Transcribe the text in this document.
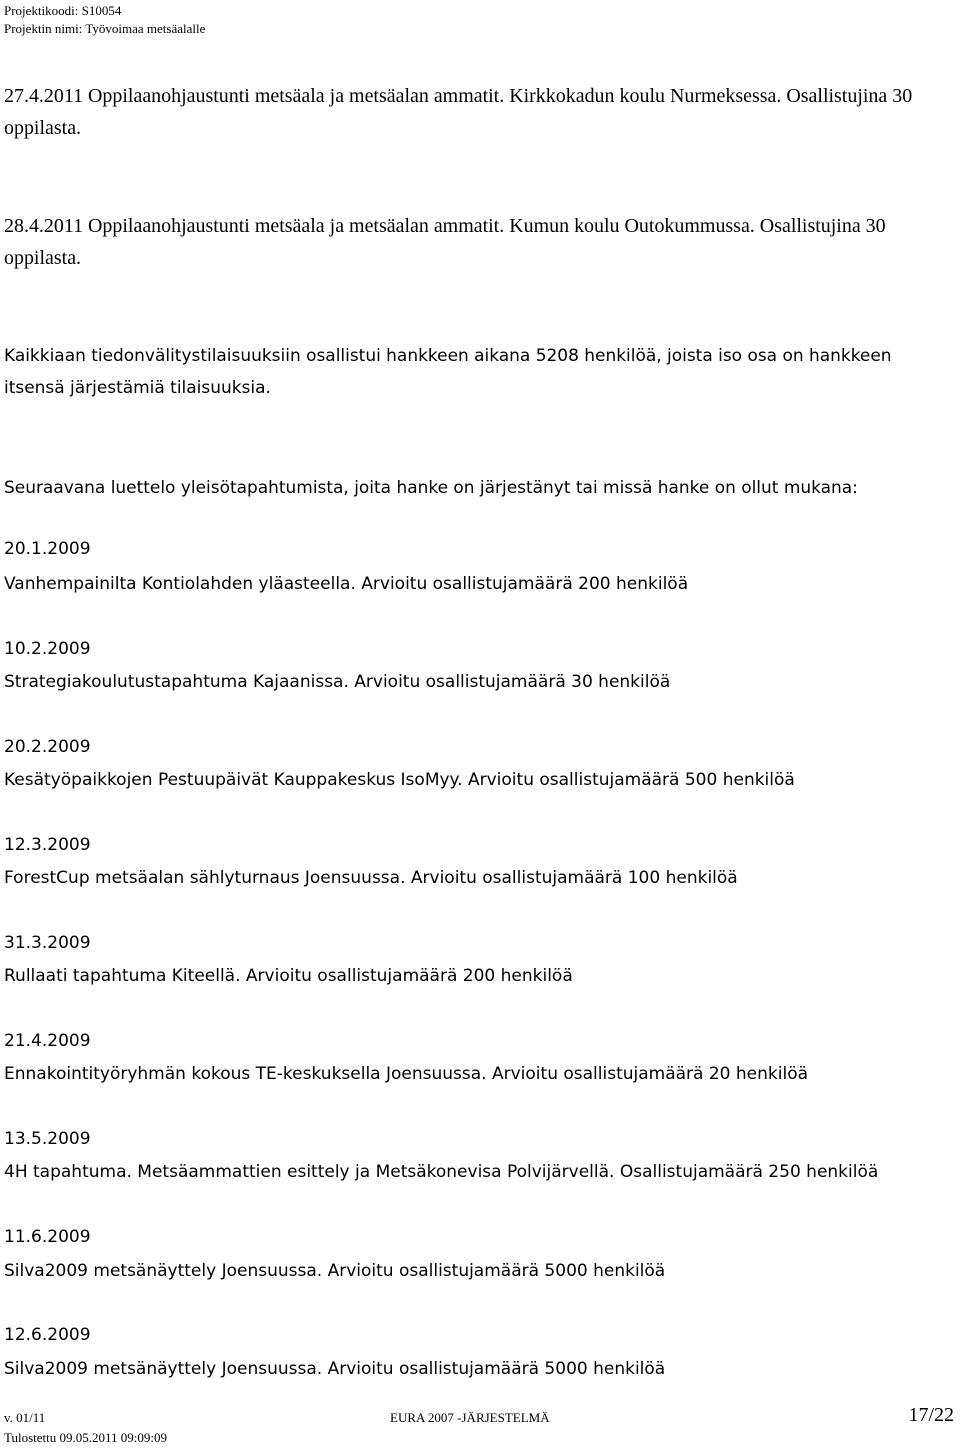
Projektikoodi: S10054
Projektin nimi: Työvoimaa metsäalalle
27.4.2011 Oppilaanohjaustunti metsäala ja metsäalan ammatit. Kirkkokadun koulu Nurmeksessa. Osallistujina 30 oppilasta.
28.4.2011 Oppilaanohjaustunti metsäala ja metsäalan ammatit. Kumun koulu Outokummussa. Osallistujina 30 oppilasta.
Kaikkiaan tiedonvälitystilaisuuksiin osallistui hankkeen aikana 5208 henkilöä, joista iso osa on hankkeen itsensä järjestämiä tilaisuuksia.
Seuraavana luettelo yleisötapahtumista, joita hanke on järjestänyt tai missä hanke on ollut mukana:
20.1.2009
Vanhempainilta Kontiolahden yläasteella. Arvioitu osallistujamäärä 200 henkilöä
10.2.2009
Strategiakoulutustapahtuma Kajaanissa. Arvioitu osallistujamäärä 30 henkilöä
20.2.2009
Kesätyöpaikkojen Pestuupäivät Kauppakeskus IsoMyy. Arvioitu osallistujamäärä 500 henkilöä
12.3.2009
ForestCup metsäalan sählyturnaus Joensuussa. Arvioitu osallistujamäärä 100 henkilöä
31.3.2009
Rullaati tapahtuma Kiteellä. Arvioitu osallistujamäärä 200 henkilöä
21.4.2009
Ennakointityöryhmän kokous TE-keskuksella Joensuussa. Arvioitu osallistujamäärä 20 henkilöä
13.5.2009
4H tapahtuma. Metsäammattien esittely ja Metsäkonevisa Polvijärvellä. Osallistujamäärä 250 henkilöä
11.6.2009
Silva2009 metsänäyttely Joensuussa. Arvioitu osallistujamäärä 5000 henkilöä
12.6.2009
Silva2009 metsänäyttely Joensuussa. Arvioitu osallistujamäärä 5000 henkilöä
v. 01/11	EURA 2007 -JÄRJESTELMÄ	17/22
Tulostettu 09.05.2011 09:09:09
